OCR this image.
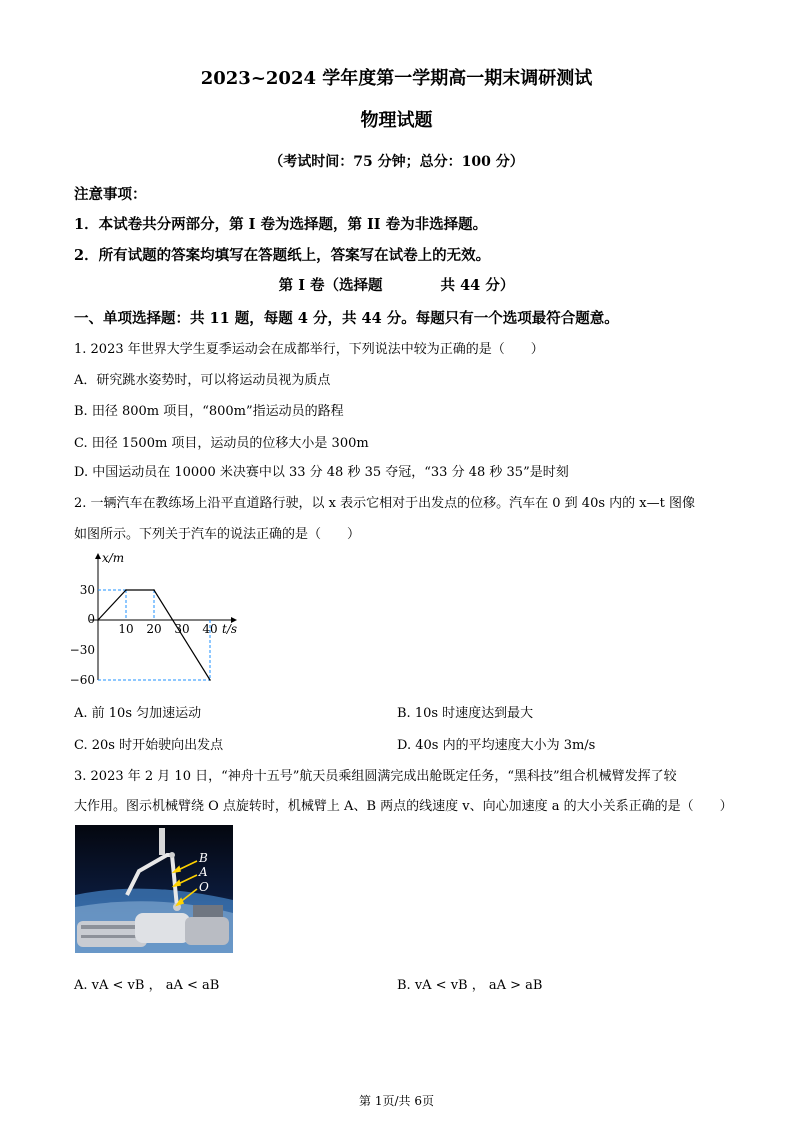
2023~2024 学年度第一学期高一期末调研测试
物理试题
（考试时间：75 分钟；总分：100 分）
注意事项：
1．本试卷共分两部分，第 I 卷为选择题，第 II 卷为非选择题。
2．所有试题的答案均填写在答题纸上，答案写在试卷上的无效。
第 I 卷（选择题　　　　共 44 分）
一、单项选择题：共 11 题，每题 4 分，共 44 分。每题只有一个选项最符合题意。
1. 2023 年世界大学生夏季运动会在成都举行，下列说法中较为正确的是（　　）
A．研究跳水姿势时，可以将运动员视为质点
B. 田径 800m 项目，“800m”指运动员的路程
C. 田径 1500m 项目，运动员的位移大小是 300m
D. 中国运动员在 10000 米决赛中以 33 分 48 秒 35 夺冠，“33 分 48 秒 35”是时刻
2. 一辆汽车在教练场上沿平直道路行驶，以 x 表示它相对于出发点的位移。汽车在 0 到 40s 内的 x—t 图像
如图所示。下列关于汽车的说法正确的是（　　）
10 20 30 40
30
0
−30
−60
x/m
t/s
A. 前 10s 匀加速运动	B. 10s 时速度达到最大
C. 20s 时开始驶向出发点	D. 40s 内的平均速度大小为 3m/s
3. 2023 年 2 月 10 日，“神舟十五号”航天员乘组圆满完成出舱既定任务，“黑科技”组合机械臂发挥了较
大作用。图示机械臂绕 O 点旋转时，机械臂上 A、B 两点的线速度 v、向心加速度 a 的大小关系正确的是（　　）
B
A
O
A. vA < vB ， aA < aB	B. vA < vB ， aA > aB
第 1页/共 6页
